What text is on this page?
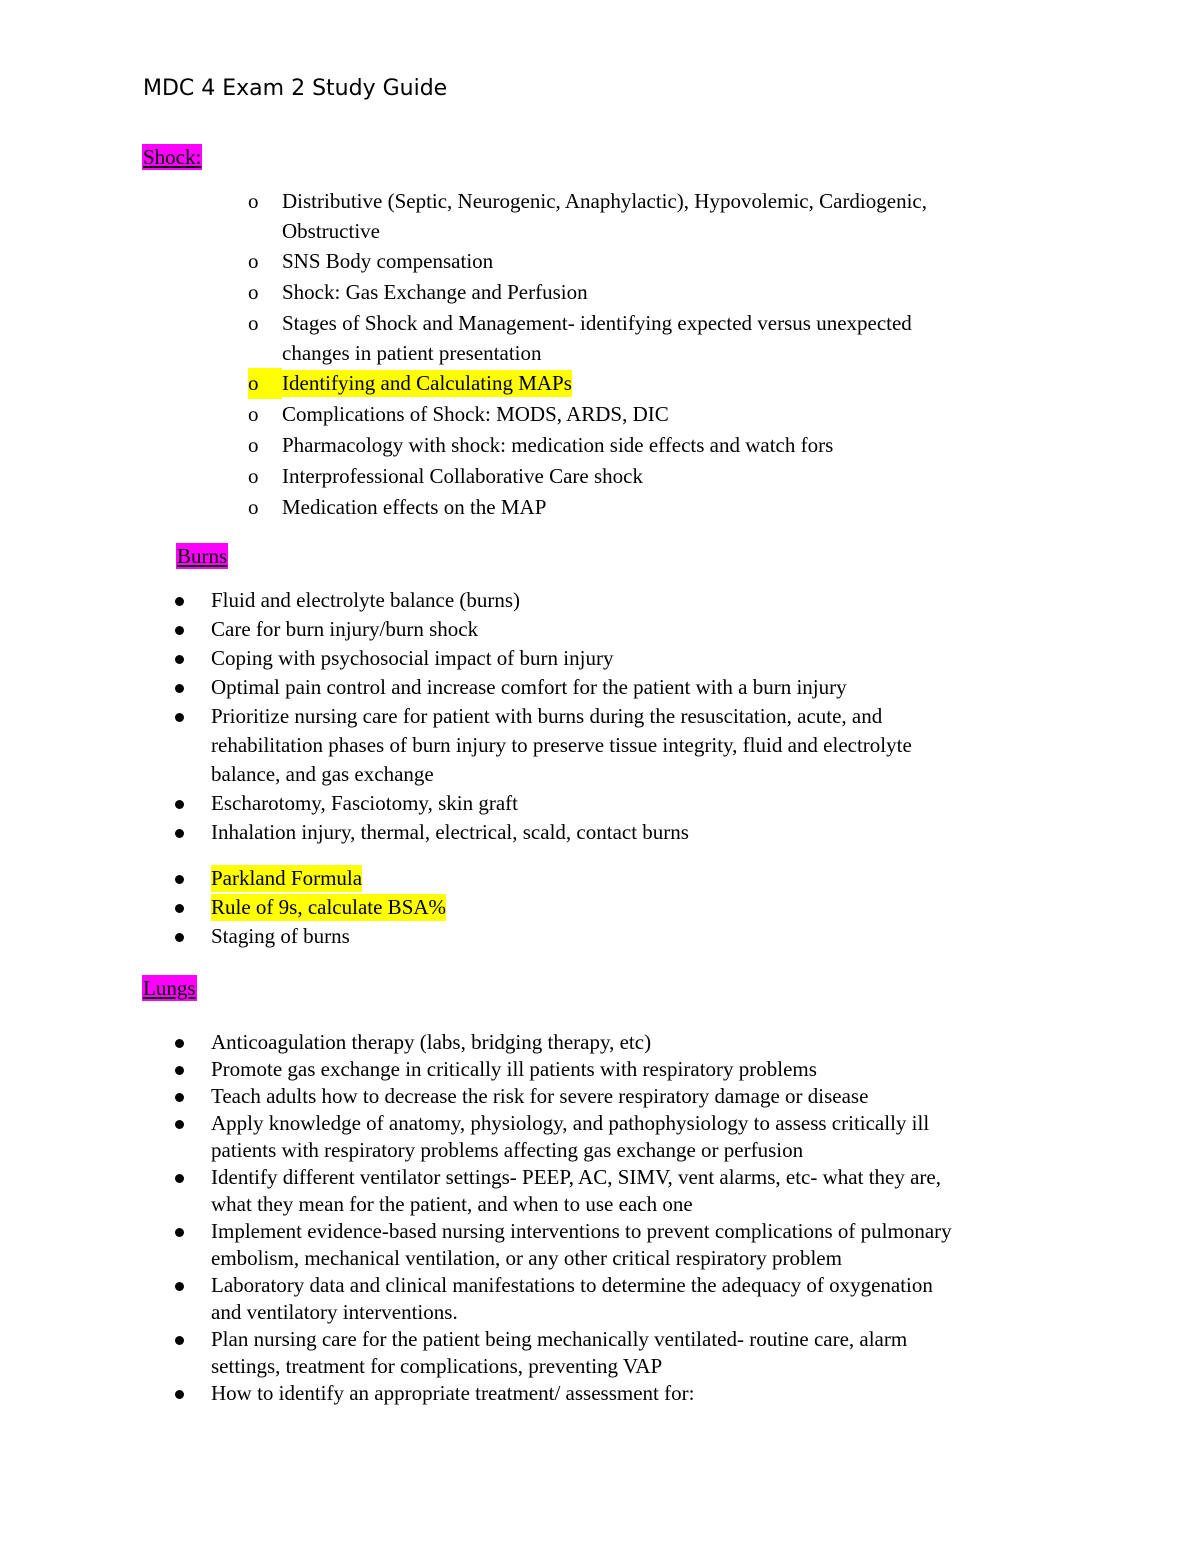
MDC 4 Exam 2 Study Guide
Shock:
o Distributive (Septic, Neurogenic, Anaphylactic), Hypovolemic, Cardiogenic,
Obstructive
o SNS Body compensation
o Shock: Gas Exchange and Perfusion
o Stages of Shock and Management- identifying expected versus unexpected
changes in patient presentation
o	Identifying and Calculating MAPs
o Complications of Shock: MODS, ARDS, DIC
o Pharmacology with shock: medication side effects and watch fors
o Interprofessional Collaborative Care shock
o Medication effects on the MAP
Burns
Fluid and electrolyte balance (burns)
Care for burn injury/burn shock
Coping with psychosocial impact of burn injury
Optimal pain control and increase comfort for the patient with a burn injury
Prioritize nursing care for patient with burns during the resuscitation, acute, and
rehabilitation phases of burn injury to preserve tissue integrity, fluid and electrolyte
balance, and gas exchange
Escharotomy, Fasciotomy, skin graft
Inhalation injury, thermal, electrical, scald, contact burns
Parkland Formula
Rule of 9s, calculate BSA%
Staging of burns
Lungs
Anticoagulation therapy (labs, bridging therapy, etc)
Promote gas exchange in critically ill patients with respiratory problems
Teach adults how to decrease the risk for severe respiratory damage or disease
Apply knowledge of anatomy, physiology, and pathophysiology to assess critically ill
patients with respiratory problems affecting gas exchange or perfusion
Identify different ventilator settings- PEEP, AC, SIMV, vent alarms, etc- what they are,
what they mean for the patient, and when to use each one
Implement evidence-based nursing interventions to prevent complications of pulmonary
embolism, mechanical ventilation, or any other critical respiratory problem
Laboratory data and clinical manifestations to determine the adequacy of oxygenation
and ventilatory interventions.
Plan nursing care for the patient being mechanically ventilated- routine care, alarm
settings, treatment for complications, preventing VAP
How to identify an appropriate treatment/ assessment for:
